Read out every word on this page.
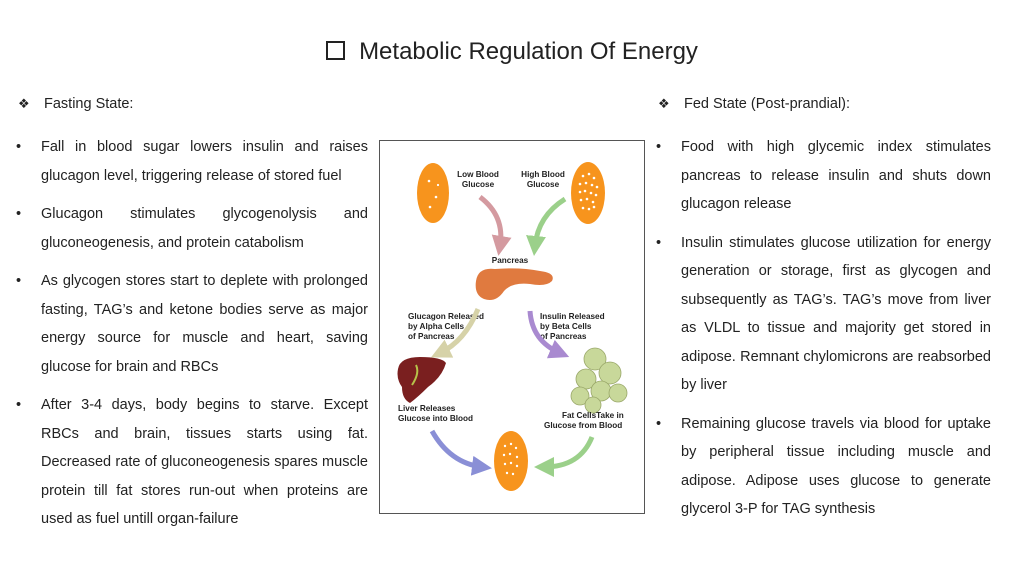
Metabolic Regulation Of Energy
❖ Fasting State:	❖ Fed State (Post-prandial):
• Fall in blood sugar lowers insulin and raises glucagon level, triggering release of stored fuel
• Glucagon stimulates glycogenolysis and gluconeogenesis, and protein catabolism
• As glycogen stores start to deplete with prolonged fasting, TAG’s and ketone bodies serve as major energy source for muscle and heart, saving glucose for brain and RBCs
• After 3-4 days, body begins to starve. Except RBCs and brain, tissues starts using fat. Decreased rate of gluconeogenesis spares muscle protein till fat stores run-out when proteins are used as fuel untill organ-failure
• Food with high glycemic index stimulates pancreas to release insulin and shuts down glucagon release
• Insulin stimulates glucose utilization for energy generation or storage, first as glycogen and subsequently as TAG’s. TAG’s move from liver as VLDL to tissue and majority get stored in adipose. Remnant chylomicrons are reabsorbed by liver
• Remaining glucose travels via blood for uptake by peripheral tissue including muscle and adipose. Adipose uses glucose to generate glycerol 3-P for TAG synthesis
Low Blood
Glucose
High Blood
Glucose
Pancreas
Glucagon Released
by Alpha Cells
of Pancreas
Insulin Released
by Beta Cells
of Pancreas
Liver Releases
Glucose into Blood	Fat CellsTake in
Glucose from Blood
